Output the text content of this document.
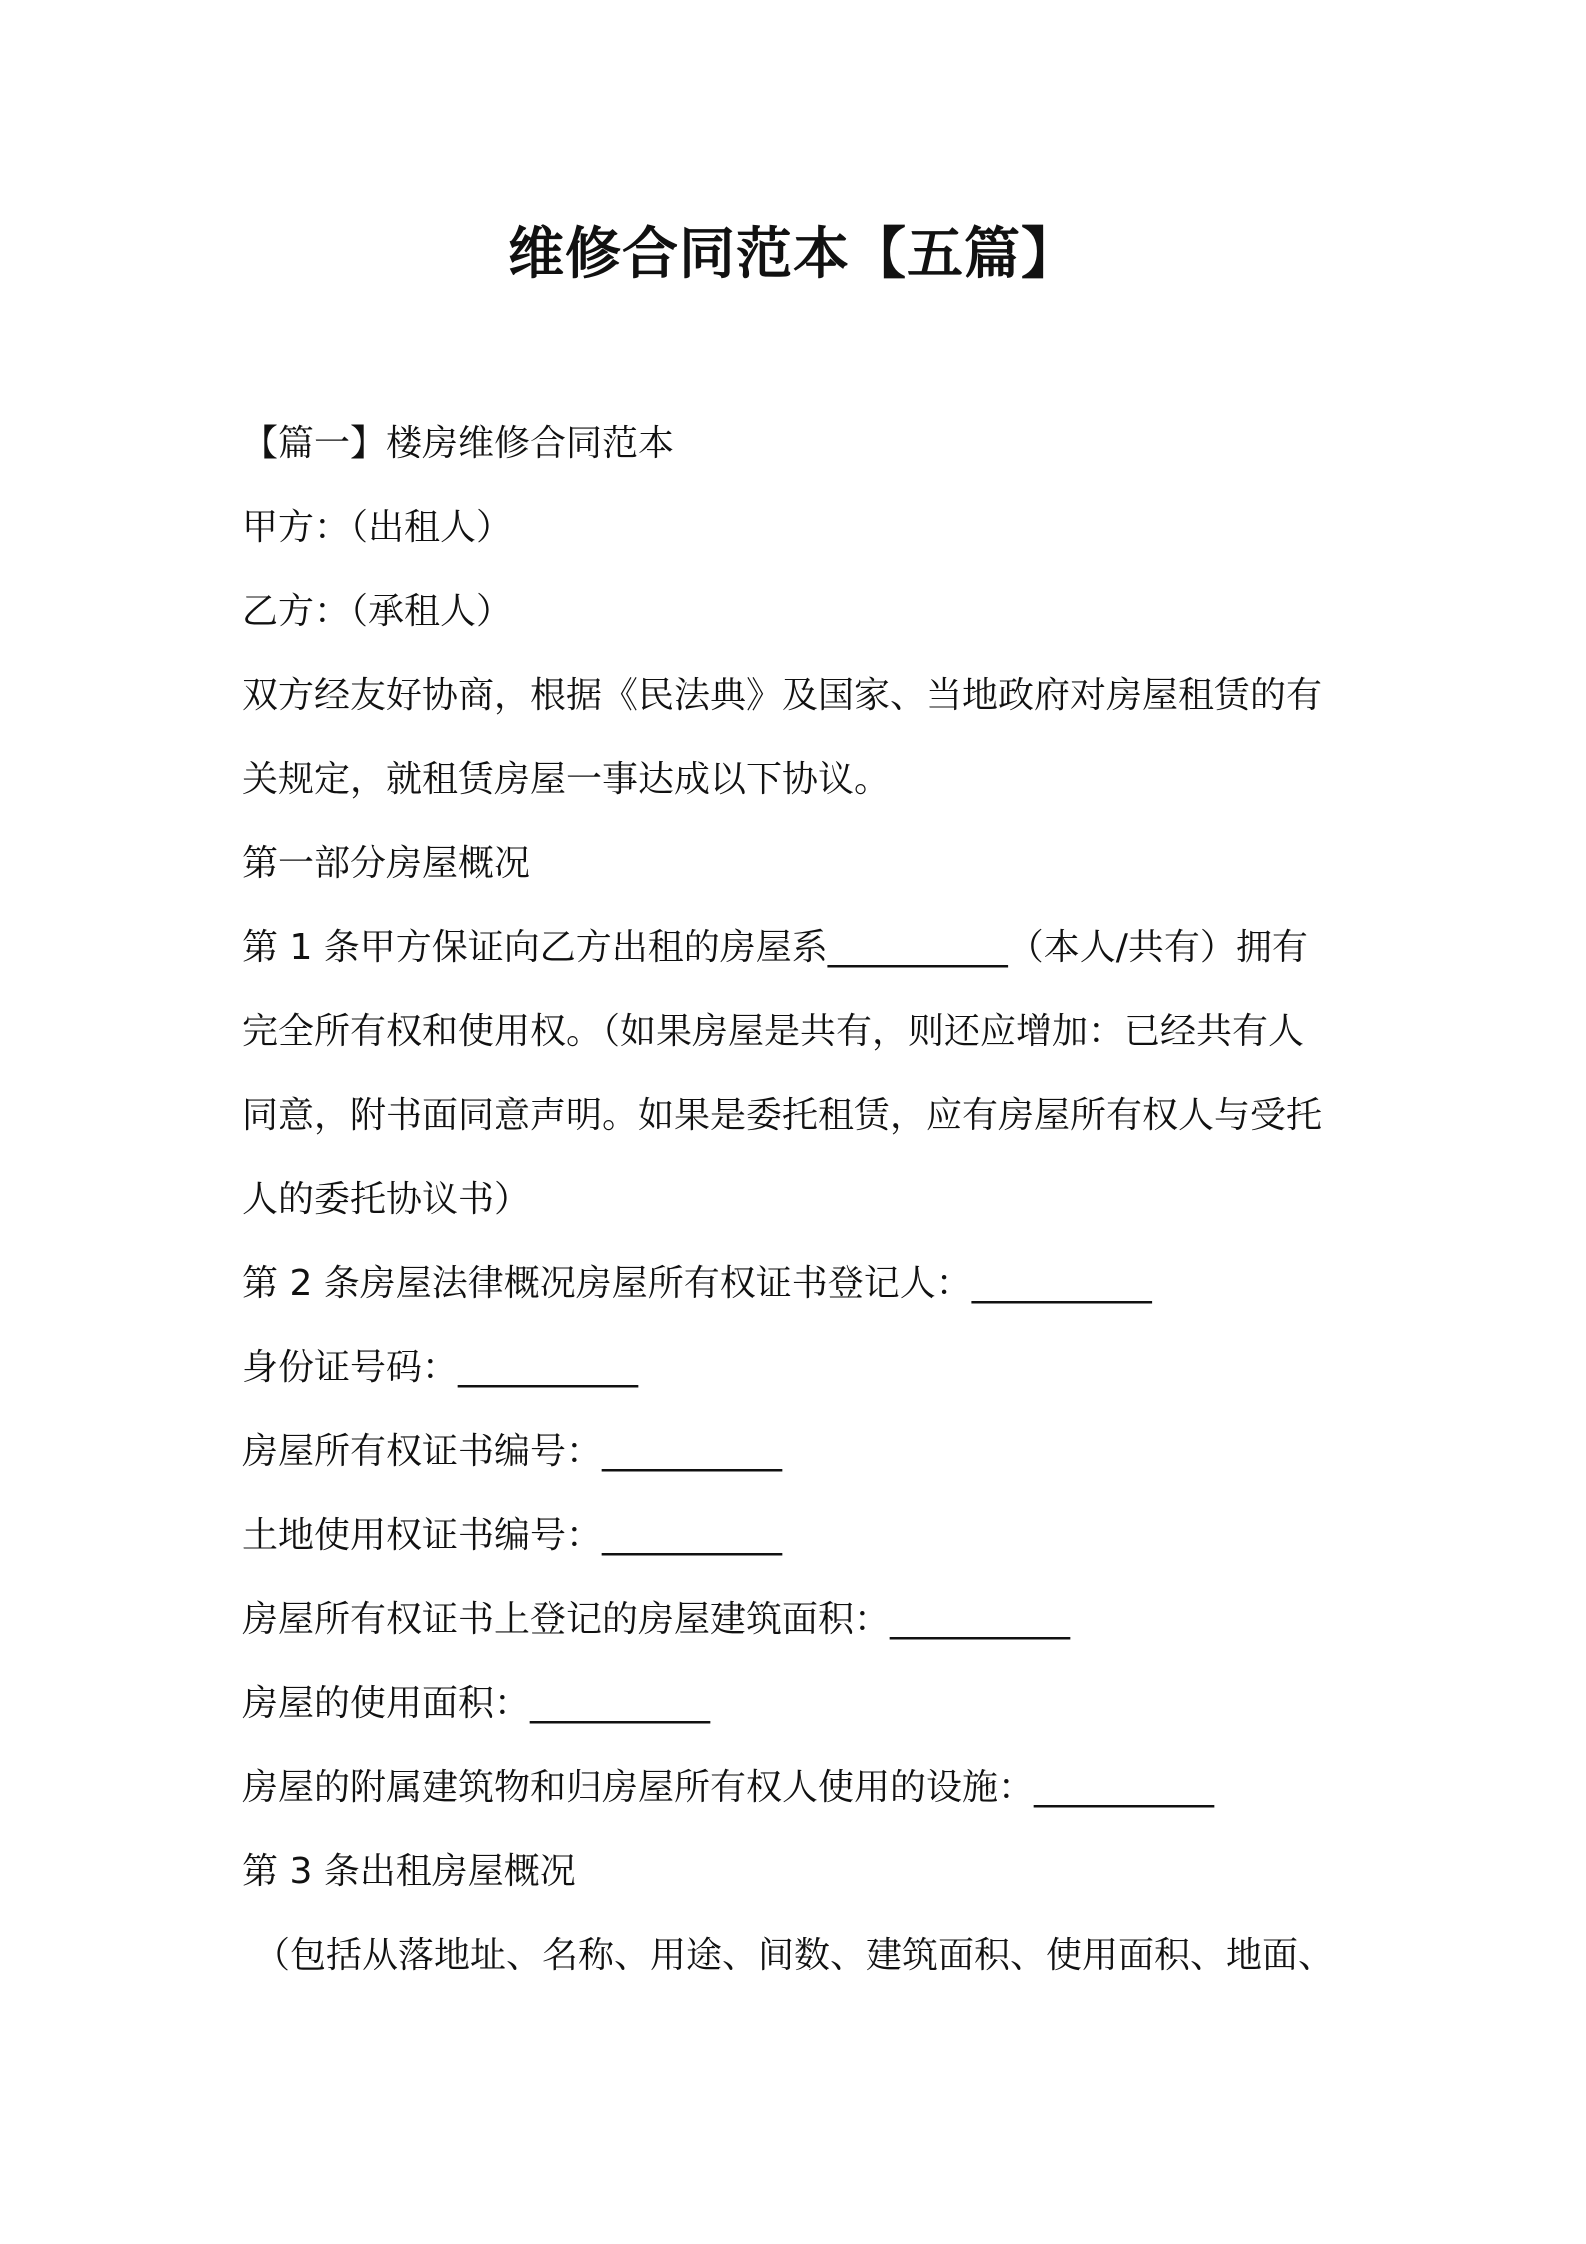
维修合同范本【五篇】
【篇一】楼房维修合同范本
甲方：（出租人）
乙方：（承租人）
双方经友好协商，根据《民法典》及国家、当地政府对房屋租赁的有
关规定，就租赁房屋一事达成以下协议。
第一部分房屋概况
第 1 条甲方保证向乙方出租的房屋系__________（本人/共有）拥有
完全所有权和使用权。（如果房屋是共有，则还应增加：已经共有人
同意，附书面同意声明。如果是委托租赁，应有房屋所有权人与受托
人的委托协议书）
第 2 条房屋法律概况房屋所有权证书登记人：__________
身份证号码：__________
房屋所有权证书编号：__________
土地使用权证书编号：__________
房屋所有权证书上登记的房屋建筑面积：__________
房屋的使用面积：__________
房屋的附属建筑物和归房屋所有权人使用的设施：__________
第 3 条出租房屋概况
（包括从落地址、名称、用途、间数、建筑面积、使用面积、地面、
